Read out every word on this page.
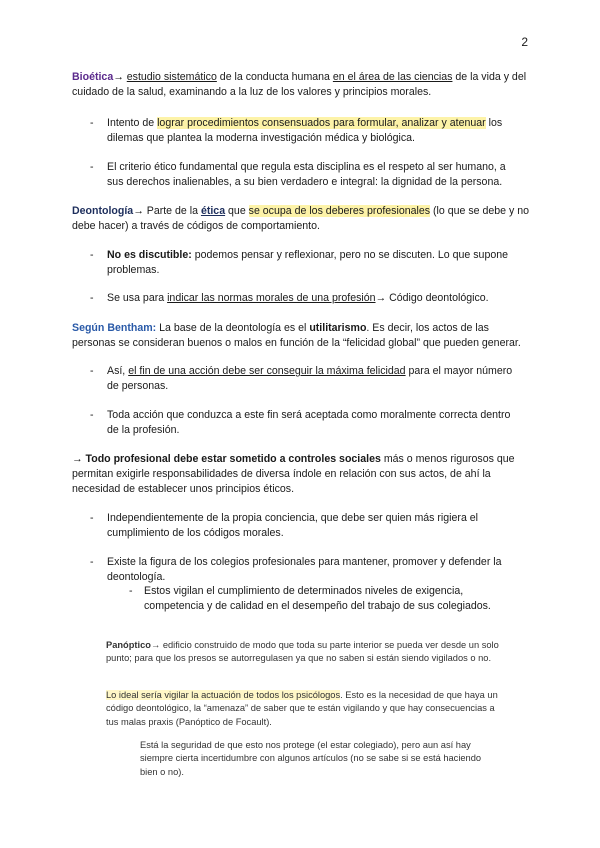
2

Bioética→ estudio sistemático de la conducta humana en el área de las ciencias de la vida y del cuidado de la salud, examinando a la luz de los valores y principios morales.

- Intento de lograr procedimientos consensuados para formular, analizar y atenuar los dilemas que plantea la moderna investigación médica y biológica.

- El criterio ético fundamental que regula esta disciplina es el respeto al ser humano, a sus derechos inalienables, a su bien verdadero e integral: la dignidad de la persona.

Deontología→ Parte de la ética que se ocupa de los deberes profesionales (lo que se debe y no debe hacer) a través de códigos de comportamiento.

- No es discutible: podemos pensar y reflexionar, pero no se discuten. Lo que supone problemas.

- Se usa para indicar las normas morales de una profesión→ Código deontológico.

Según Bentham: La base de la deontología es el utilitarismo. Es decir, los actos de las personas se consideran buenos o malos en función de la “felicidad global” que pueden generar.

- Así, el fin de una acción debe ser conseguir la máxima felicidad para el mayor número de personas.

- Toda acción que conduzca a este fin será aceptada como moralmente correcta dentro de la profesión.

→ Todo profesional debe estar sometido a controles sociales más o menos rigurosos que permitan exigirle responsabilidades de diversa índole en relación con sus actos, de ahí la necesidad de establecer unos principios éticos.

- Independientemente de la propia conciencia, que debe ser quien más rigiera el cumplimiento de los códigos morales.

- Existe la figura de los colegios profesionales para mantener, promover y defender la deontología.

- Estos vigilan el cumplimiento de determinados niveles de exigencia, competencia y de calidad en el desempeño del trabajo de sus colegiados.

Panóptico→ edificio construido de modo que toda su parte interior se pueda ver desde un solo punto; para que los presos se autorregulasen ya que no saben si están siendo vigilados o no.

Lo ideal sería vigilar la actuación de todos los psicólogos. Esto es la necesidad de que haya un código deontológico, la “amenaza” de saber que te están vigilando y que hay consecuencias a tus malas praxis (Panóptico de Focault).

Está la seguridad de que esto nos protege (el estar colegiado), pero aun así hay siempre cierta incertidumbre con algunos artículos (no se sabe si se está haciendo bien o no).
